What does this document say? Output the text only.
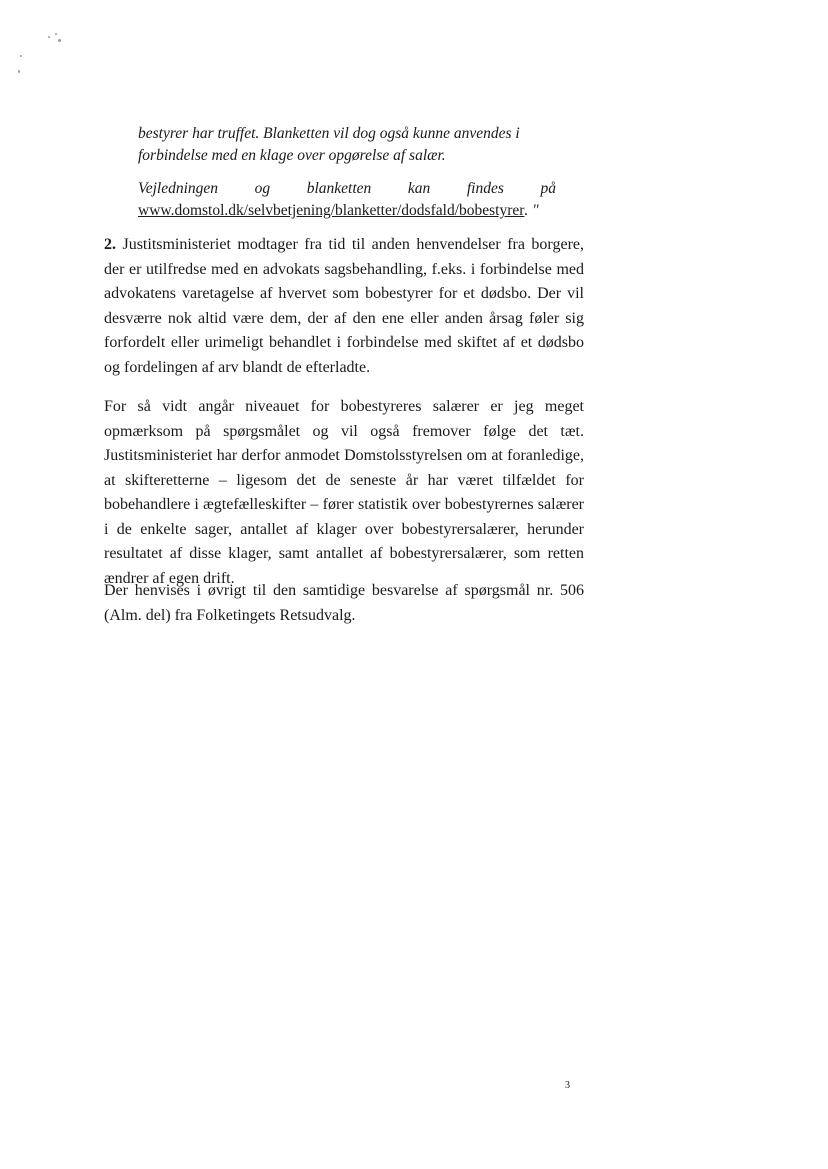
bestyrer har truffet. Blanketten vil dog også kunne anvendes i forbindelse med en klage over opgørelse af salær.

Vejledningen og blanketten kan findes på
www.domstol.dk/selvbetjening/blanketter/dodsfald/bobestyrer. "

2. Justitsministeriet modtager fra tid til anden henvendelser fra borgere, der er utilfredse med en advokats sagsbehandling, f.eks. i forbindelse med advokatens varetagelse af hvervet som bobestyrer for et dødsbo. Der vil desværre nok altid være dem, der af den ene eller anden årsag føler sig forfordelt eller urimeligt behandlet i forbindelse med skiftet af et dødsbo og fordelingen af arv blandt de efterladte.

For så vidt angår niveauet for bobestyreres salærer er jeg meget opmærksom på spørgsmålet og vil også fremover følge det tæt. Justitsministeriet har derfor anmodet Domstolsstyrelsen om at foranledige, at skifteretterne – ligesom det de seneste år har været tilfældet for bobehandlere i ægtefælleskifter – fører statistik over bobestyrernes salærer i de enkelte sager, antallet af klager over bobestyrersalærer, herunder resultatet af disse klager, samt antallet af bobestyrersalærer, som retten ændrer af egen drift.

Der henvises i øvrigt til den samtidige besvarelse af spørgsmål nr. 506 (Alm. del) fra Folketingets Retsudvalg.

3
